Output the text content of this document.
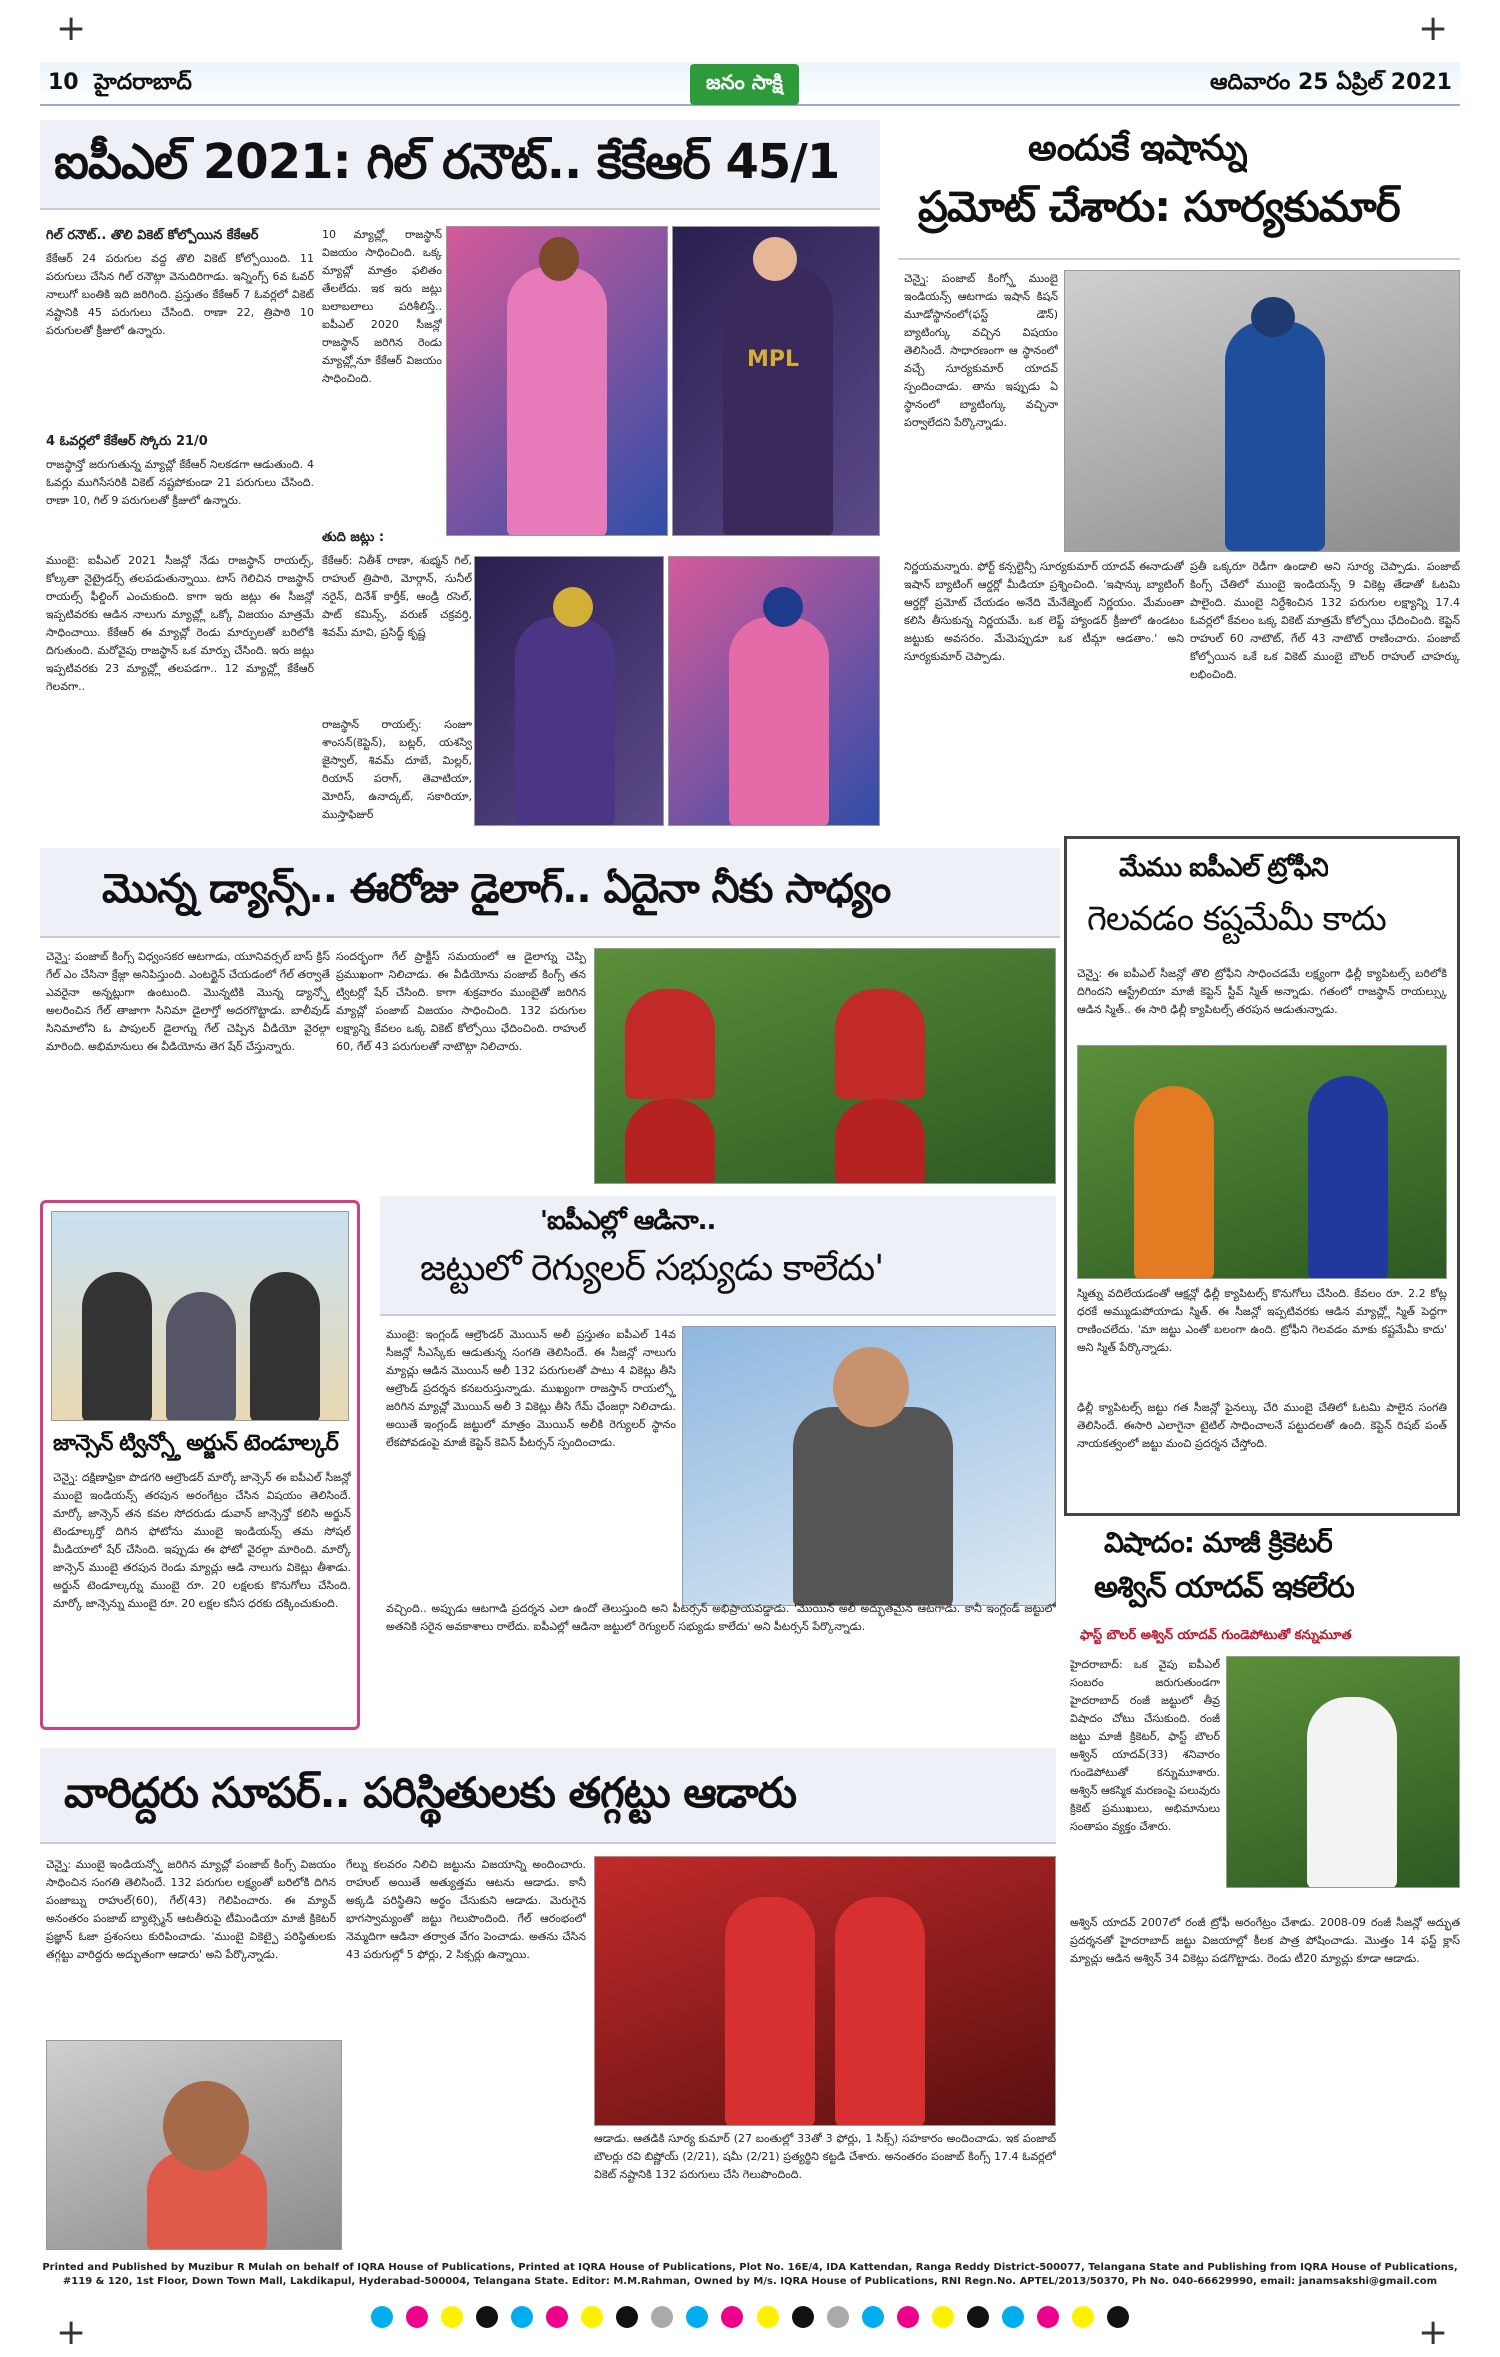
+	+
10 హైదరాబాద్	జనం సాక్షి	ఆదివారం 25 ఏప్రిల్ 2021
ఐపీఎల్ 2021: గిల్ రనౌట్.. కేకేఆర్ 45/1
గిల్ రనౌట్.. తొలి వికెట్ కోల్పోయిన కేకేఆర్
కేకేఆర్ 24 పరుగుల వద్ద తొలి వికెట్ కోల్పోయింది. 11 పరుగులు చేసిన గిల్ రనౌట్గా వెనుదిరిగాడు. ఇన్నింగ్స్ 6వ ఓవర్ నాలుగో బంతికి ఇది జరిగింది. ప్రస్తుతం కేకేఆర్ 7 ఓవర్లలో వికెట్ నష్టానికి 45 పరుగులు చేసింది. రాణా 22, త్రిపాఠి 10 పరుగులతో క్రీజులో ఉన్నారు.
4 ఓవర్లలో కేకేఆర్ స్కోరు 21/0
రాజస్థాన్తో జరుగుతున్న మ్యాచ్లో కేకేఆర్ నిలకడగా ఆడుతుంది. 4 ఓవర్లు ముగిసేసరికి వికెట్ నష్టపోకుండా 21 పరుగులు చేసింది. రాణా 10, గిల్ 9 పరుగులతో క్రీజులో ఉన్నారు.
ముంబై: ఐపీఎల్ 2021 సీజన్లో నేడు రాజస్థాన్ రాయల్స్, కోల్కతా నైట్రైడర్స్ తలపడుతున్నాయి. టాస్ గెలిచిన రాజస్థాన్ రాయల్స్ ఫీల్డింగ్ ఎంచుకుంది. కాగా ఇరు జట్లు ఈ సీజన్లో ఇప్పటివరకు ఆడిన నాలుగు మ్యాచ్ల్లో ఒక్కో విజయం మాత్రమే సాధించాయి. కేకేఆర్ ఈ మ్యాచ్లో రెండు మార్పులతో బరిలోకి దిగుతుంది. మరోవైపు రాజస్థాన్ ఒక మార్పు చేసింది. ఇరు జట్లు ఇప్పటివరకు 23 మ్యాచ్ల్లో తలపడగా.. 12 మ్యాచ్ల్లో కేకేఆర్ గెలవగా..
10 మ్యాచ్ల్లో రాజస్థాన్ విజయం సాధించింది. ఒక్క మ్యాచ్లో మాత్రం ఫలితం తేలలేదు. ఇక ఇరు జట్లు బలాబలాలు పరిశీలిస్తే.. ఐపీఎల్ 2020 సీజన్లో రాజస్థాన్ జరిగిన రెండు మ్యాచ్ల్లోనూ కేకేఆర్ విజయం సాధించింది.
MPL
తుది జట్లు :
కేకేఆర్: నితీశ్ రాణా, శుభ్మన్ గిల్, రాహుల్ త్రిపాఠి, మోర్గాన్, సునీల్ నరైన్, దినేశ్ కార్తీక్, ఆండ్రీ రసెల్, పాట్ కమిన్స్, వరుణ్ చక్రవర్తి, శివమ్ మావి, ప్రసిద్ధ్ కృష్ణ
రాజస్థాన్ రాయల్స్: సంజూ శాంసన్(కెప్టెన్), బట్లర్, యశస్వి జైస్వాల్, శివమ్ దూబే, మిల్లర్, రియాన్ పరాగ్, తెవాటియా, మోరిస్, ఉనాద్కట్, సకారియా, ముస్తాఫిజుర్
అందుకే ఇషాన్ను
ప్రమోట్ చేశారు: సూర్యకుమార్
చెన్నై: పంజాబ్ కింగ్స్తో ముంబై ఇండియన్స్ ఆటగాడు ఇషాన్ కిషన్ మూడోస్థానంలో(ఫస్ట్ డౌన్) బ్యాటింగ్కు వచ్చిన విషయం తెలిసిందే. సాధారణంగా ఆ స్థానంలో వచ్చే సూర్యకుమార్ యాదవ్ స్పందించాడు. తాను ఇప్పుడు ఏ స్థానంలో బ్యాటింగ్కు వచ్చినా పర్వాలేదని పేర్కొన్నాడు.
నిర్ణయమన్నారు. ఫోర్ట్ కన్సల్టెన్సీ సూర్యకుమార్ యాదవ్ ఈనాడుతో ఇషాన్ బ్యాటింగ్ ఆర్డర్లో మీడియా ప్రశ్నించింది. 'ఇషాన్కు బ్యాటింగ్ ఆర్డర్లో ప్రమోట్ చేయడం అనేది మేనేజ్మెంట్ నిర్ణయం. మేమంతా కలిసి తీసుకున్న నిర్ణయమే. ఒక లెఫ్ట్ హ్యాండర్ క్రీజులో ఉండటం జట్టుకు అవసరం. మేమెప్పుడూ ఒక టీమ్గా ఆడతాం.' అని సూర్యకుమార్ చెప్పాడు.
ప్రతీ ఒక్కరూ రెడీగా ఉండాలి అని సూర్య చెప్పాడు. పంజాబ్ కింగ్స్ చేతిలో ముంబై ఇండియన్స్ 9 వికెట్ల తేడాతో ఓటమి పాలైంది. ముంబై నిర్దేశించిన 132 పరుగుల లక్ష్యాన్ని 17.4 ఓవర్లలో కేవలం ఒక్క వికెట్ మాత్రమే కోల్పోయి ఛేదించింది. కెప్టెన్ రాహుల్ 60 నాటౌట్, గేల్ 43 నాటౌట్ రాణించారు. పంజాబ్ కోల్పోయిన ఒకే ఒక వికెట్ ముంబై బౌలర్ రాహుల్ చాహర్కు లభించింది.
మొన్న డ్యాన్స్.. ఈరోజు డైలాగ్.. ఏదైనా నీకు సాధ్యం
చెన్నై: పంజాబ్ కింగ్స్ విధ్వంసకర ఆటగాడు, యూనివర్సల్ బాస్ క్రిస్ గేల్ ఎం చేసినా క్రేజ్గా అనిపిస్తుంది. ఎంటర్టైన్ చేయడంలో గేల్ తర్వాతే ఎవరైనా అన్నట్లుగా ఉంటుంది. మొన్నటికి మొన్న డ్యాన్స్తో అలరించిన గేల్ తాజాగా సినిమా డైలాగ్తో అదరగొట్టాడు. బాలీవుడ్ సినిమాలోని ఓ పాపులర్ డైలాగ్ను గేల్ చెప్పిన వీడియో వైరల్గా మారింది. అభిమానులు ఈ వీడియోను తెగ షేర్ చేస్తున్నారు.
సందర్భంగా గేల్ ప్రాక్టీస్ సమయంలో ఆ డైలాగ్ను చెప్పి ప్రముఖంగా నిలిచాడు. ఈ వీడియోను పంజాబ్ కింగ్స్ తన ట్విటర్లో షేర్ చేసింది. కాగా శుక్రవారం ముంబైతో జరిగిన మ్యాచ్లో పంజాబ్ విజయం సాధించింది. 132 పరుగుల లక్ష్యాన్ని కేవలం ఒక్క వికెట్ కోల్పోయి ఛేదించింది. రాహుల్ 60, గేల్ 43 పరుగులతో నాటౌట్గా నిలిచారు.
మేము ఐపీఎల్ ట్రోఫీని
గెలవడం కష్టమేమీ కాదు
చెన్నై: ఈ ఐపీఎల్ సీజన్లో తొలి ట్రోఫీని సాధించడమే లక్ష్యంగా ఢిల్లీ క్యాపిటల్స్ బరిలోకి దిగిందని ఆస్ట్రేలియా మాజీ కెప్టెన్ స్టీవ్ స్మిత్ అన్నాడు. గతంలో రాజస్థాన్ రాయల్స్కు ఆడిన స్మిత్.. ఈ సారి ఢిల్లీ క్యాపిటల్స్ తరపున ఆడుతున్నాడు.
స్మిత్ను వదిలేయడంతో ఆక్షన్లో ఢిల్లీ క్యాపిటల్స్ కొనుగోలు చేసింది. కేవలం రూ. 2.2 కోట్ల ధరకే అమ్ముడుపోయాడు స్మిత్. ఈ సీజన్లో ఇప్పటివరకు ఆడిన మ్యాచ్ల్లో స్మిత్ పెద్దగా రాణించలేదు. 'మా జట్టు ఎంతో బలంగా ఉంది. ట్రోఫీని గెలవడం మాకు కష్టమేమీ కాదు' అని స్మిత్ పేర్కొన్నాడు.
ఢిల్లీ క్యాపిటల్స్ జట్టు గత సీజన్లో ఫైనల్కు చేరి ముంబై చేతిలో ఓటమి పాలైన సంగతి తెలిసిందే. ఈసారి ఎలాగైనా టైటిల్ సాధించాలనే పట్టుదలతో ఉంది. కెప్టెన్ రిషబ్ పంత్ నాయకత్వంలో జట్టు మంచి ప్రదర్శన చేస్తోంది.
జాన్సెన్ ట్విన్స్తో అర్జున్ టెండూల్కర్
చెన్నై: దక్షిణాఫ్రికా పొడగరి ఆల్రౌండర్ మార్కో జాన్సెన్ ఈ ఐపీఎల్ సీజన్లో ముంబై ఇండియన్స్ తరపున అరంగేట్రం చేసిన విషయం తెలిసిందే. మార్కో జాన్సెన్ తన కవల సోదరుడు డువాన్ జాన్సెన్తో కలిసి అర్జున్ టెండూల్కర్తో దిగిన ఫోటోను ముంబై ఇండియన్స్ తమ సోషల్ మీడియాలో షేర్ చేసింది. ఇప్పుడు ఈ ఫోటో వైరల్గా మారింది. మార్కో జాన్సెన్ ముంబై తరపున రెండు మ్యాచ్లు ఆడి నాలుగు వికెట్లు తీశాడు. అర్జున్ టెండూల్కర్ను ముంబై రూ. 20 లక్షలకు కొనుగోలు చేసింది. మార్కో జాన్సెన్ను ముంబై రూ. 20 లక్షల కనీస ధరకు దక్కించుకుంది.
'ఐపీఎల్లో ఆడినా..
జట్టులో రెగ్యులర్ సభ్యుడు కాలేదు'
ముంబై: ఇంగ్లండ్ ఆల్రౌండర్ మొయిన్ అలీ ప్రస్తుతం ఐపీఎల్ 14వ సీజన్లో సీఎస్కేకు ఆడుతున్న సంగతి తెలిసిందే. ఈ సీజన్లో నాలుగు మ్యాచ్లు ఆడిన మొయిన్ అలీ 132 పరుగులతో పాటు 4 వికెట్లు తీసి ఆల్రౌండ్ ప్రదర్శన కనబరుస్తున్నాడు. ముఖ్యంగా రాజస్తాన్ రాయల్స్తో జరిగిన మ్యాచ్లో మొయిన్ అలీ 3 వికెట్లు తీసి గేమ్ ఛేంజర్గా నిలిచాడు. అయితే ఇంగ్లండ్ జట్టులో మాత్రం మొయిన్ అలీకి రెగ్యులర్ స్థానం లేకపోవడంపై మాజీ కెప్టెన్ కెవిన్ పీటర్సన్ స్పందించాడు.
వచ్చింది.. అప్పుడు ఆటగాడి ప్రదర్శన ఎలా ఉందో తెలుస్తుంది అని పీటర్సన్ అభిప్రాయపడ్డాడు. 'మొయిన్ అలీ అద్భుతమైన ఆటగాడు. కానీ ఇంగ్లండ్ జట్టులో అతనికి సరైన అవకాశాలు రాలేదు. ఐపీఎల్లో ఆడినా జట్టులో రెగ్యులర్ సభ్యుడు కాలేదు' అని పీటర్సన్ పేర్కొన్నాడు.
విషాదం: మాజీ క్రికెటర్
అశ్విన్ యాదవ్ ఇకలేరు
ఫాస్ట్ బౌలర్ అశ్విన్ యాదవ్ గుండెపోటుతో కన్నుమూత
హైదరాబాద్: ఒక వైపు ఐపీఎల్ సంబరం జరుగుతుండగా హైదరాబాద్ రంజీ జట్టులో తీవ్ర విషాదం చోటు చేసుకుంది. రంజీ జట్టు మాజీ క్రికెటర్, ఫాస్ట్ బౌలర్ అశ్విన్ యాదవ్(33) శనివారం గుండెపోటుతో కన్నుమూశారు. అశ్విన్ ఆకస్మిక మరణంపై పలువురు క్రికెట్ ప్రముఖులు, అభిమానులు సంతాపం వ్యక్తం చేశారు.
అశ్విన్ యాదవ్ 2007లో రంజీ ట్రోఫీ అరంగేట్రం చేశాడు. 2008-09 రంజీ సీజన్లో అద్భుత ప్రదర్శనతో హైదరాబాద్ జట్టు విజయాల్లో కీలక పాత్ర పోషించాడు. మొత్తం 14 ఫస్ట్ క్లాస్ మ్యాచ్లు ఆడిన అశ్విన్ 34 వికెట్లు పడగొట్టాడు. రెండు టీ20 మ్యాచ్లు కూడా ఆడాడు.
వారిద్దరు సూపర్.. పరిస్థితులకు తగ్గట్టు ఆడారు
చెన్నై: ముంబై ఇండియన్స్తో జరిగిన మ్యాచ్లో పంజాబ్ కింగ్స్ విజయం సాధించిన సంగతి తెలిసిందే. 132 పరుగుల లక్ష్యంతో బరిలోకి దిగిన పంజాబ్ను రాహుల్(60), గేల్(43) గెలిపించారు. ఈ మ్యాచ్ అనంతరం పంజాబ్ బ్యాట్స్మెన్ ఆటతీరుపై టీమిండియా మాజీ క్రికెటర్ ప్రజ్ఞాన్ ఓజా ప్రశంసలు కురిపించాడు. 'ముంబై వికెట్పై పరిస్థితులకు తగ్గట్టు వారిద్దరు అద్భుతంగా ఆడారు' అని పేర్కొన్నాడు.
గేల్ను కలవరం నిలిచి జట్టును విజయాన్ని అందించారు. రాహుల్ అయితే అత్యుత్తమ ఆటను ఆడాడు. కానీ అక్కడి పరిస్థితిని అర్థం చేసుకుని ఆడాడు. మెరుగైన భాగస్వామ్యంతో జట్టు గెలుపొందింది. గేల్ ఆరంభంలో నెమ్మదిగా ఆడినా తర్వాత వేగం పెంచాడు. అతను చేసిన 43 పరుగుల్లో 5 ఫోర్లు, 2 సిక్సర్లు ఉన్నాయి.
ఆడాడు. ఆతడికి సూర్య కుమార్ (27 బంతుల్లో 33తో 3 ఫోర్లు, 1 సిక్స్) సహకారం అందించాడు. ఇక పంజాబ్ బౌలర్లు రవి బిష్ణోయ్ (2/21), షమీ (2/21) ప్రత్యర్థిని కట్టడి చేశారు. అనంతరం పంజాబ్ కింగ్స్ 17.4 ఓవర్లలో వికెట్ నష్టానికి 132 పరుగులు చేసి గెలుపొందింది.
Printed and Published by Muzibur R Mulah on behalf of IQRA House of Publications, Printed at IQRA House of Publications, Plot No. 16E/4, IDA Kattendan, Ranga Reddy District-500077, Telangana State and Publishing from IQRA House of Publications,
#119 & 120, 1st Floor, Down Town Mall, Lakdikapul, Hyderabad-500004, Telangana State. Editor: M.M.Rahman, Owned by M/s. IQRA House of Publications, RNI Regn.No. APTEL/2013/50370, Ph No. 040-66629990, email: janamsakshi@gmail.com

+	+
